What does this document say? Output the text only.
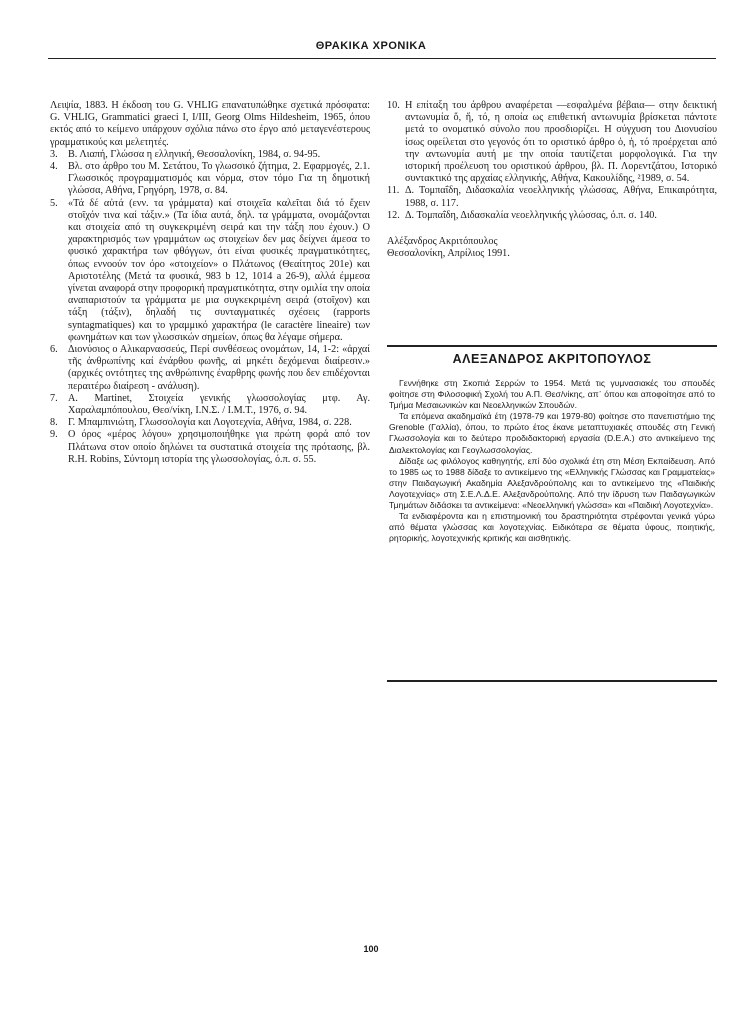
ΘΡΑΚΙΚΑ ΧΡΟΝΙΚΑ
Λειψία, 1883. Η έκδοση του G. VHLIG επανατυπώθηκε σχετικά πρόσφατα: G. VHLIG, Grammatici graeci I, I/III, Georg Olms Hildesheim, 1965, όπου εκτός από το κείμενο υπάρχουν σχόλια πάνω στο έργο από μεταγενέστερους γραμματικούς και μελετητές.
3.	Β. Λιαπή, Γλώσσα η ελληνική, Θεσσαλονίκη, 1984, σ. 94-95.
4.	Βλ. στο άρθρο του Μ. Σετάτου, Το γλωσσικό ζήτημα, 2. Εφαρμογές, 2.1. Γλωσσικός προγραμματισμός και νόρμα, στον τόμο Για τη δημοτική γλώσσα, Αθήνα, Γρηγόρη, 1978, σ. 84.
5.	«Τά δέ αὐτά (ενν. τα γράμματα) καί στοιχεῖα καλεῖται διά τό ἔχειν στοῖχόν τινα καί τάξιν.» (Τα ίδια αυτά, δηλ. τα γράμματα, ονομάζονται και στοιχεία από τη συγκεκριμένη σειρά και την τάξη που έχουν.) Ο χαρακτηρισμός των γραμμάτων ως στοιχείων δεν μας δείχνει άμεσα το φυσικό χαρακτήρα των φθόγγων, ότι είναι φυσικές πραγματικότητες, όπως εννοούν τον όρο «στοιχείον» ο Πλάτωνος (Θεαίτητος 201e) και Αριστοτέλης (Μετά τα φυσικά, 983 b 12, 1014 a 26-9), αλλά έμμεσα γίνεται αναφορά στην προφορική πραγματικότητα, στην ομιλία την οποία αναπαριστούν τα γράμματα με μια συγκεκριμένη σειρά (στοῖχον) και τάξη (τάξιν), δηλαδή τις συνταγματικές σχέσεις (rapports syntagmatiques) και το γραμμικό χαρακτήρα (le caractère lineaire) των φωνημάτων και των γλωσσικών σημείων, όπως θα λέγαμε σήμερα.
6.	Διονύσιος ο Αλικαρνασσεύς, Περί συνθέσεως ονομάτων, 14, 1-2: «ἀρχαί τῆς ἀνθρωπίνης καί ἐνάρθου φωνῆς, αἱ μηκέτι δεχόμεναι διαίρεσιν.» (αρχικές οντότητες της ανθρώπινης έναρθρης φωνής που δεν επιδέχονται περαιτέρω διαίρεση - ανάλυση).
7.	A. Martinet, Στοιχεία γενικής γλωσσολογίας μτφ. Αγ. Χαραλαμπόπουλου, Θεσ/νίκη, Ι.Ν.Σ. / Ι.Μ.Τ., 1976, σ. 94.
8.	Γ. Μπαμπινιώτη, Γλωσσολογία και Λογοτεχνία, Αθήνα, 1984, σ. 228.
9.	Ο όρος «μέρος λόγου» χρησιμοποιήθηκε για πρώτη φορά από τον Πλάτωνα στον οποίο δηλώνει τα συστατικά στοιχεία της πρότασης, βλ. R.H. Robins, Σύντομη ιστορία της γλωσσολογίας, ό.π. σ. 55.
10. Η επίταξη του άρθρου αναφέρεται —εσφαλμένα βέβαια— στην δεικτική αντωνυμία ὅ, ἥ, τό, η οποία ως επιθετική αντωνυμία βρίσκεται πάντοτε μετά το ονοματικό σύνολο που προσδιορίζει. Η σύγχυση του Διονυσίου ίσως οφείλεται στο γεγονός ότι το οριστικό άρθρο ὁ, ἡ, τό προέρχεται από την αντωνυμία αυτή με την οποία ταυτίζεται μορφολογικά. Για την ιστορική προέλευση του οριστικού άρθρου, βλ. Π. Λορεντζάτου, Ιστορικό συντακτικό της αρχαίας ελληνικής, Αθήνα, Κακουλίδης, ²1989, σ. 54.
11. Δ. Τομπαΐδη, Διδασκαλία νεοελληνικής γλώσσας, Αθήνα, Επικαιρότητα, 1988, σ. 117.
12. Δ. Τομπαΐδη, Διδασκαλία νεοελληνικής γλώσσας, ό.π. σ. 140.
Αλέξανδρος Ακριτόπουλος
Θεσσαλονίκη, Απρίλιος 1991.
ΑΛΕΞΑΝΔΡΟΣ ΑΚΡΙΤΟΠΟΥΛΟΣ

Γεννήθηκε στη Σκοπιά Σερρών το 1954. Μετά τις γυμνασιακές του σπουδές φοίτησε στη Φιλοσοφική Σχολή του Α.Π. Θεσ/νίκης, απ᾽ όπου και αποφοίτησε από το Τμήμα Μεσαιωνικών και Νεοελληνικών Σπουδών.

Τα επόμενα ακαδημαϊκά έτη (1978-79 και 1979-80) φοίτησε στο πανεπιστήμιο της Grenoble (Γαλλία), όπου, το πρώτο έτος έκανε μεταπτυχιακές σπουδές στη Γενική Γλωσσολογία και το δεύτερο προδιδακτορική εργασία (D.E.A.) στο αντικείμενο της Διαλεκτολογίας και Γεογλωσσολογίας.

Δίδαξε ως φιλόλογος καθηγητής, επί δύο σχολικά έτη στη Μέση Εκπαίδευση. Από το 1985 ως το 1988 δίδαξε το αντικείμενο της «Ελληνικής Γλώσσας και Γραμματείας» στην Παιδαγωγική Ακαδημία Αλεξανδρούπολης και το αντικείμενο της «Παιδικής Λογοτεχνίας» στη Σ.Ε.Λ.Δ.Ε. Αλεξανδρούπολης. Από την ίδρυση των Παιδαγωγικών Τμημάτων διδάσκει τα αντικείμενα: «Νεοελληνική γλώσσα» και «Παιδική Λογοτεχνία».

Τα ενδιαφέροντα και η επιστημονική του δραστηριότητα στρέφονται γενικά γύρω από θέματα γλώσσας και λογοτεχνίας. Ειδικότερα σε θέματα ύφους, ποιητικής, ρητορικής, λογοτεχνικής κριτικής και αισθητικής.

100
